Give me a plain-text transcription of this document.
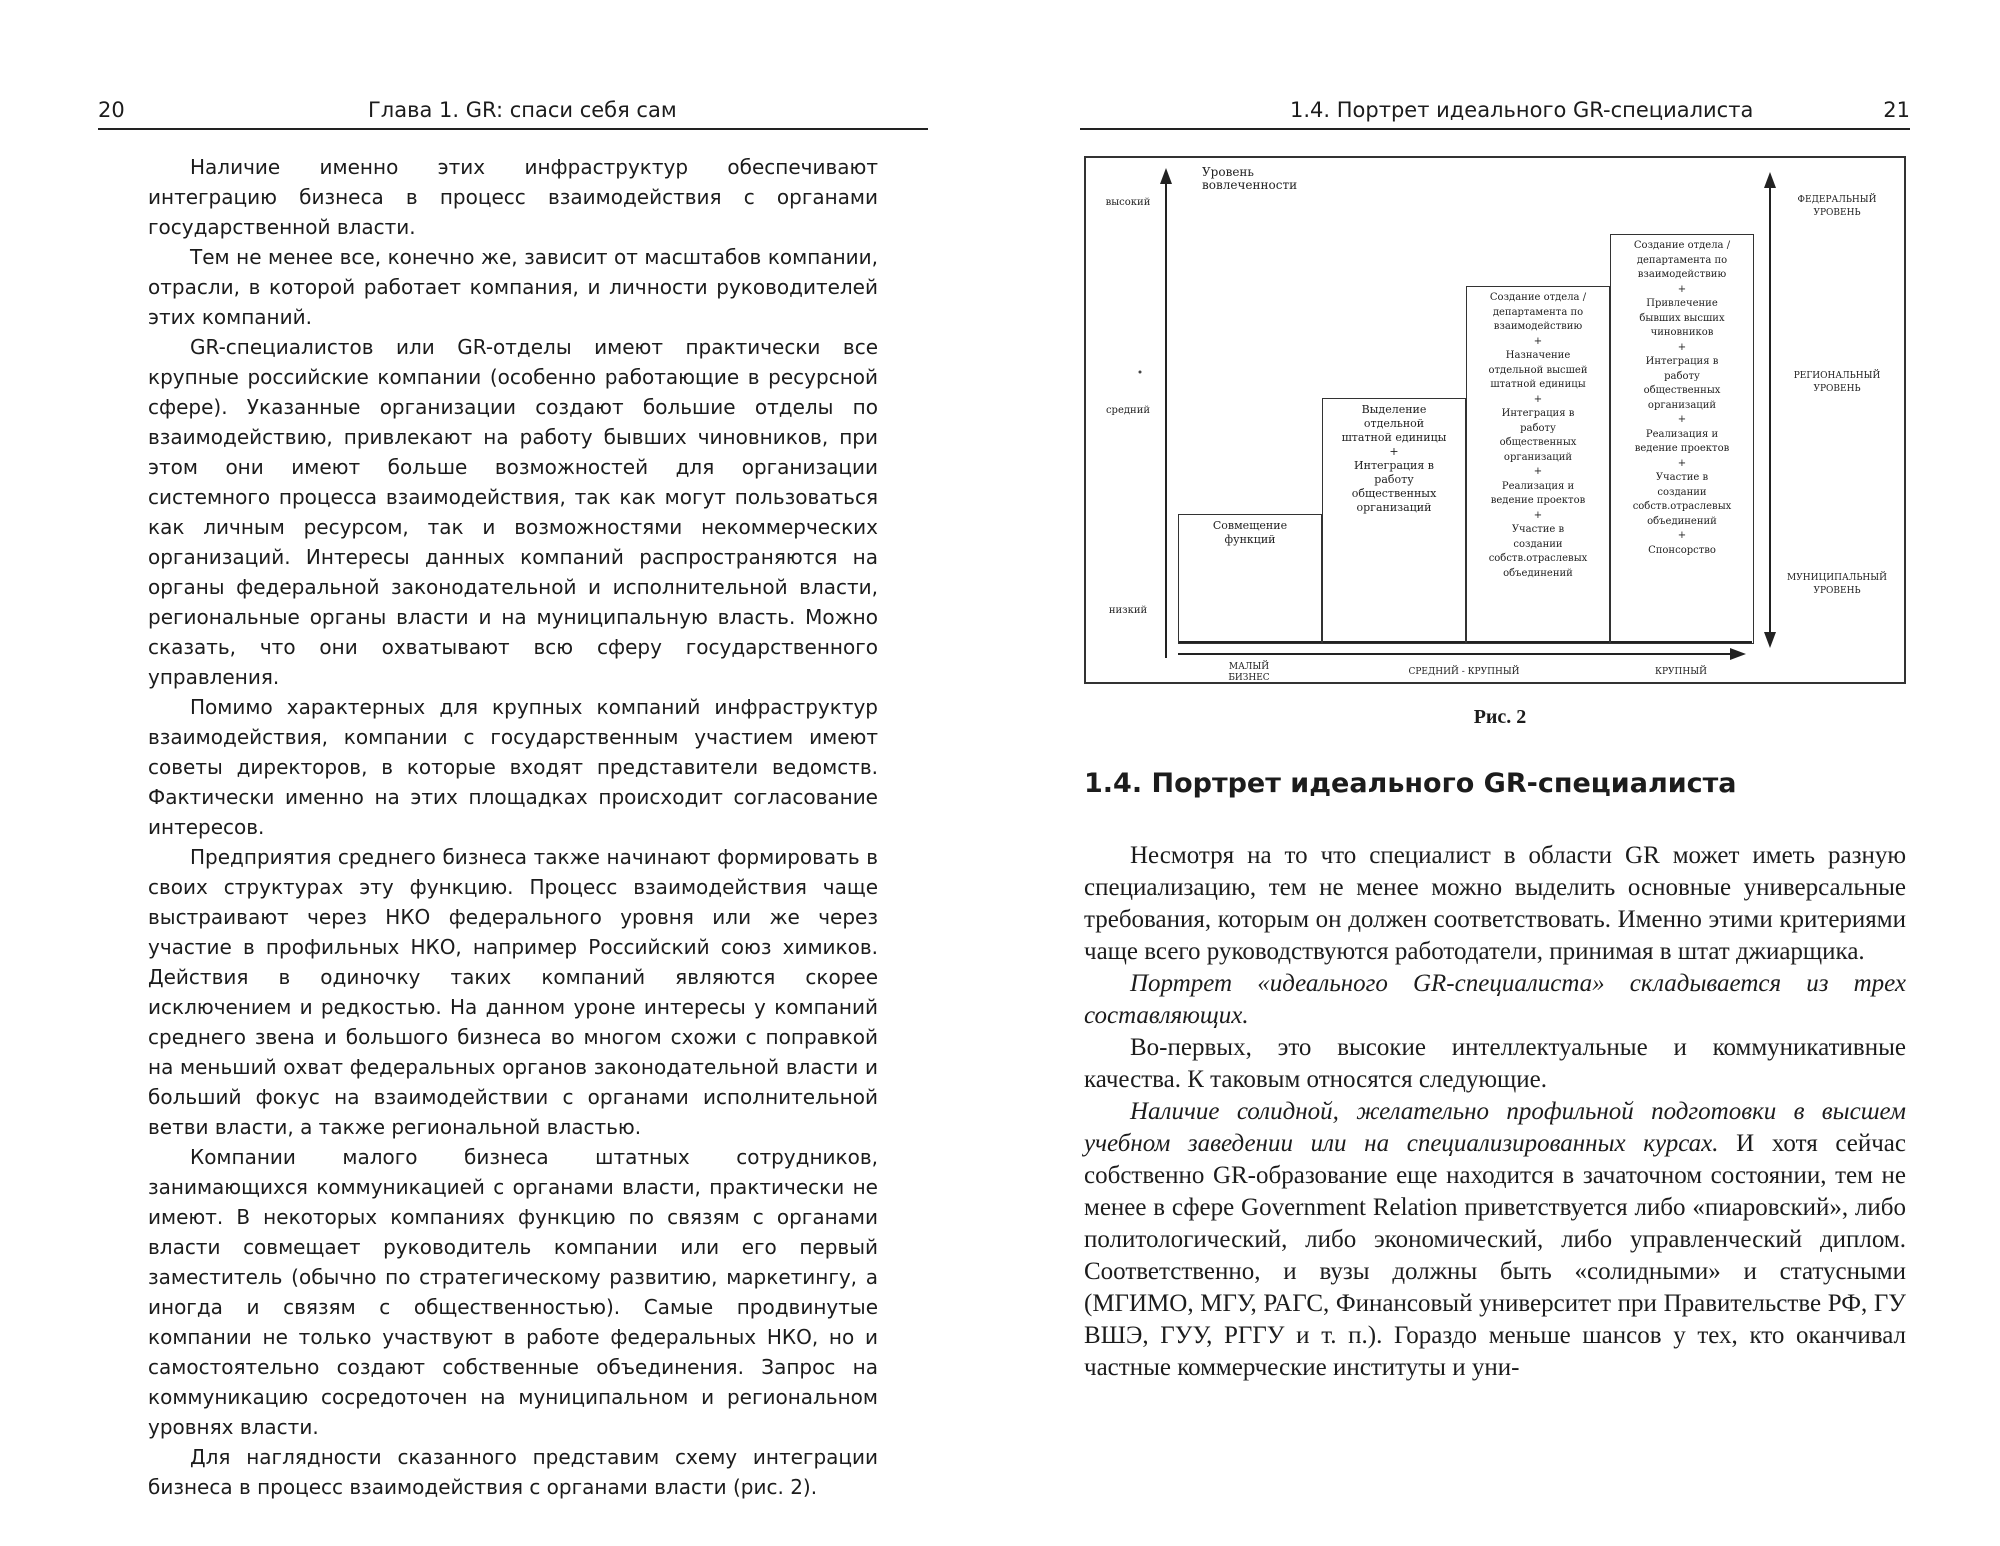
20	Глава 1. GR: спаси себя сам

Наличие именно этих инфраструктур обеспечивают интеграцию бизнеса в процесс взаимодействия с органами государственной власти.

Тем не менее все, конечно же, зависит от масштабов компании, отрасли, в которой работает компания, и личности руководителей этих компаний.

GR-специалистов или GR-отделы имеют практически все крупные российские компании (особенно работающие в ресурсной сфере). Указанные организации создают большие отделы по взаимодействию, привлекают на работу бывших чиновников, при этом они имеют больше возможностей для организации системного процесса взаимодействия, так как могут пользоваться как личным ресурсом, так и возможностями некоммерческих организаций. Интересы данных компаний распространяются на органы федеральной законодательной и исполнительной власти, региональные органы власти и на муниципальную власть. Можно сказать, что они охватывают всю сферу государственного управления.

Помимо характерных для крупных компаний инфраструктур взаимодействия, компании с государственным участием имеют советы директоров, в которые входят представители ведомств. Фактически именно на этих площадках происходит согласование интересов.

Предприятия среднего бизнеса также начинают формировать в своих структурах эту функцию. Процесс взаимодействия чаще выстраивают через НКО федерального уровня или же через участие в профильных НКО, например Российский союз химиков. Действия в одиночку таких компаний являются скорее исключением и редкостью. На данном уроне интересы у компаний среднего звена и большого бизнеса во многом схожи с поправкой на меньший охват федеральных органов законодательной власти и больший фокус на взаимодействии с органами исполнительной ветви власти, а также региональной властью.

Компании малого бизнеса штатных сотрудников, занимающихся коммуникацией с органами власти, практически не имеют. В некоторых компаниях функцию по связям с органами власти совмещает руководитель компании или его первый заместитель (обычно по стратегическому развитию, маркетингу, а иногда и связям с общественностью). Самые продвинутые компании не только участвуют в работе федеральных НКО, но и самостоятельно создают собственные объединения. Запрос на коммуникацию сосредоточен на муниципальном и региональном уровнях власти.

Для наглядности сказанного представим схему интеграции бизнеса в процесс взаимодействия с органами власти (рис. 2).

1.4. Портрет идеального GR-специалиста	21
Уровень
вовлеченности
высокий
средний
низкий
ФЕДЕРАЛЬНЫЙ
УРОВЕНЬ
РЕГИОНАЛЬНЫЙ
УРОВЕНЬ
МУНИЦИПАЛЬНЫЙ
УРОВЕНЬ
МАЛЫЙ
БИЗНЕС
СРЕДНИЙ - КРУПНЫЙ	КРУПНЫЙ
Совмещение
функций
Выделение
отдельной
штатной единицы
+
Интеграция в
работу
общественных
организаций
Создание отдела /
департамента по
взаимодействию
+
Назначение
отдельной высшей
штатной единицы
+
Интеграция в
работу
общественных
организаций
+
Реализация и
ведение проектов
+
Участие в
создании
собств.отраслевых
объединений
Создание отдела /
департамента по
взаимодействию
+
Привлечение
бывших высших
чиновников
+
Интеграция в
работу
общественных
организаций
+
Реализация и
ведение проектов
+
Участие в
создании
собств.отраслевых
объединений
+
Спонсорство
Рис. 2
1.4. Портрет идеального GR-специалиста

Несмотря на то что специалист в области GR может иметь разную специализацию, тем не менее можно выделить основные универсальные требования, которым он должен соответствовать. Именно этими критериями чаще всего руководствуются работодатели, принимая в штат джиарщика.

Портрет «идеального GR-специалиста» складывается из трех составляющих.

Во-первых, это высокие интеллектуальные и коммуникативные качества. К таковым относятся следующие.

Наличие солидной, желательно профильной подготовки в высшем учебном заведении или на специализированных курсах. И хотя сейчас собственно GR-образование еще находится в зачаточном состоянии, тем не менее в сфере Government Relation приветствуется либо «пиаровский», либо политологический, либо экономический, либо управленческий диплом. Соответственно, и вузы должны быть «солидными» и статусными (МГИМО, МГУ, РАГС, Финансовый университет при Правительстве РФ, ГУ ВШЭ, ГУУ, РГГУ и т. п.). Гораздо меньше шансов у тех, кто оканчивал частные коммерческие институты и уни-
